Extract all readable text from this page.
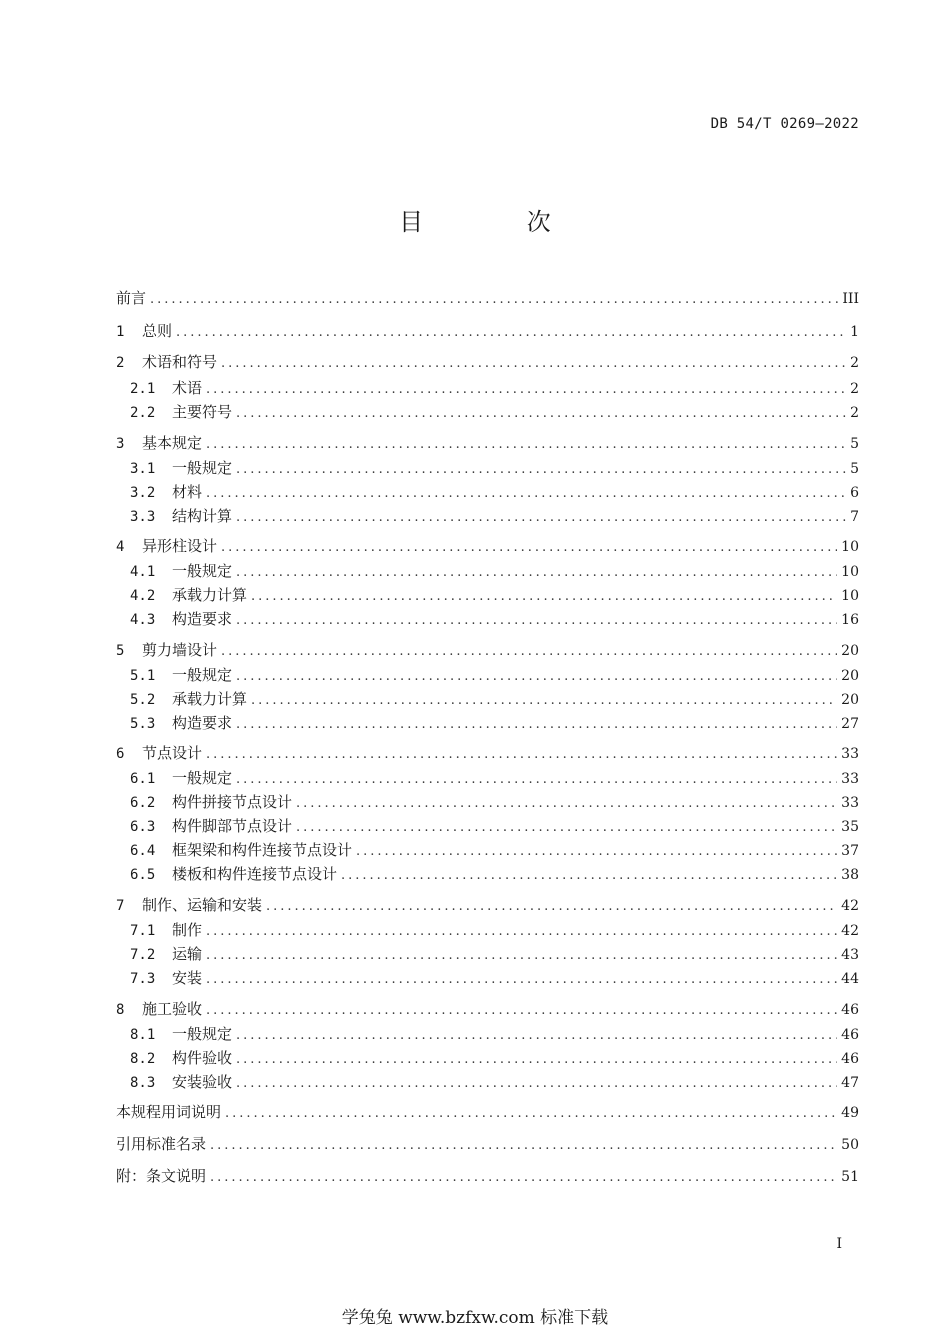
DB 54/T 0269—2022
目 次
前言 .....	III
1	总则 .....	1
2	术语和符号 .....	2
2.1	术语 .....	2
2.2	主要符号 .....	2
3	基本规定 .....	5
3.1	一般规定 .....	5
3.2	材料 .....	6
3.3	结构计算 .....	7
4	异形柱设计 .....	10
4.1	一般规定 .....	10
4.2	承载力计算 .....	10
4.3	构造要求 .....	16
5	剪力墙设计 .....	20
5.1	一般规定 .....	20
5.2	承载力计算 .....	20
5.3	构造要求 .....	27
6	节点设计 .....	33
6.1	一般规定 .....	33
6.2	构件拼接节点设计 .....	33
6.3	构件脚部节点设计 .....	35
6.4	框架梁和构件连接节点设计 .....	37
6.5	楼板和构件连接节点设计 .....	38
7	制作、运输和安装 .....	42
7.1	制作 .....	42
7.2	运输 .....	43
7.3	安装 .....	44
8	施工验收 .....	46
8.1	一般规定 .....	46
8.2	构件验收 .....	46
8.3	安装验收 .....	47
本规程用词说明 .....	49
引用标准名录 .....	50
附：条文说明 .....	51
I
学兔兔 www.bzfxw.com 标准下载
